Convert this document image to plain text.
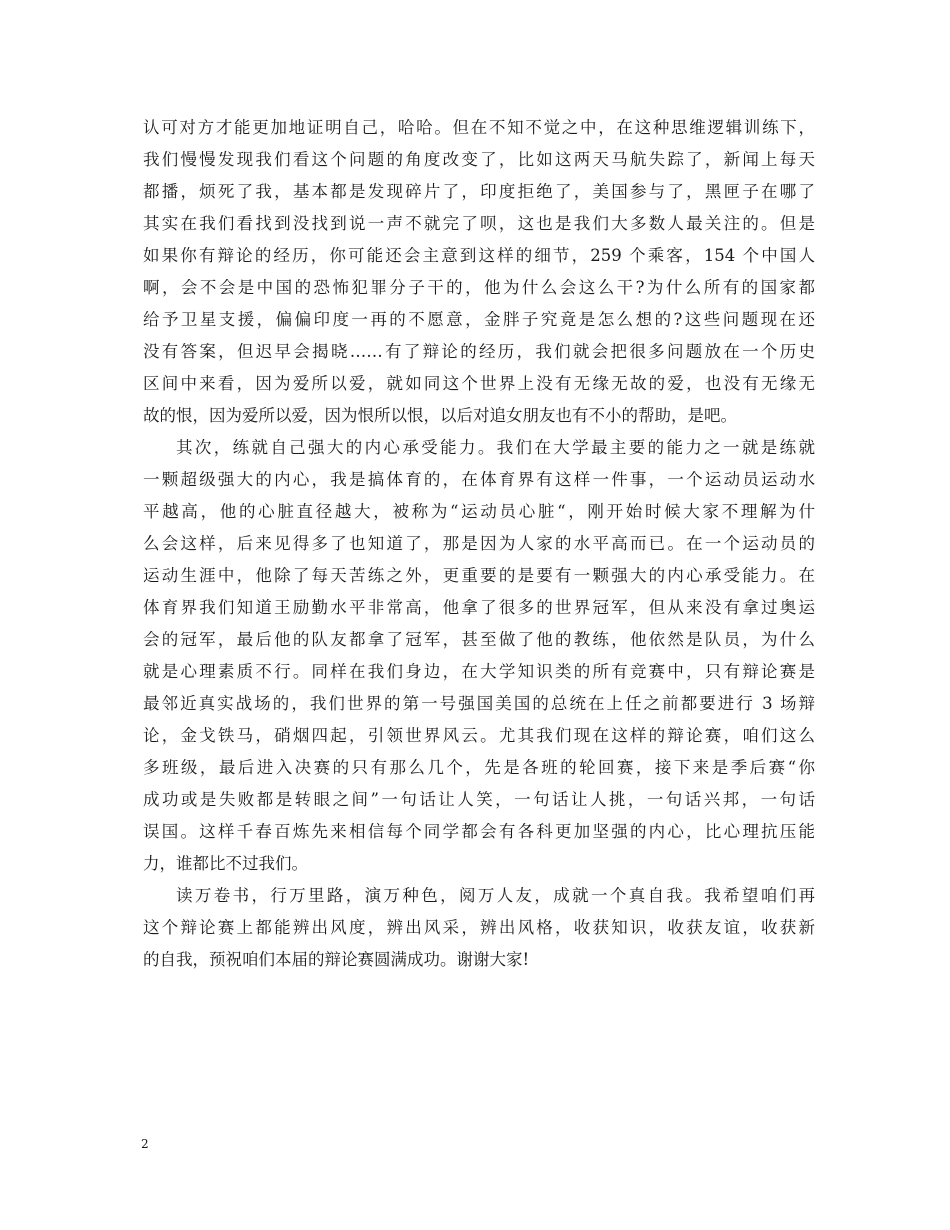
认可对方才能更加地证明自己，哈哈。但在不知不觉之中，在这种思维逻辑训练下，
我们慢慢发现我们看这个问题的角度改变了，比如这两天马航失踪了，新闻上每天
都播，烦死了我，基本都是发现碎片了，印度拒绝了，美国参与了，黑匣子在哪了
其实在我们看找到没找到说一声不就完了呗，这也是我们大多数人最关注的。但是
如果你有辩论的经历，你可能还会主意到这样的细节，259 个乘客，154 个中国人
啊，会不会是中国的恐怖犯罪分子干的，他为什么会这么干?为什么所有的国家都
给予卫星支援，偏偏印度一再的不愿意，金胖子究竟是怎么想的?这些问题现在还
没有答案，但迟早会揭晓……有了辩论的经历，我们就会把很多问题放在一个历史
区间中来看，因为爱所以爱，就如同这个世界上没有无缘无故的爱，也没有无缘无
故的恨，因为爱所以爱，因为恨所以恨，以后对追女朋友也有不小的帮助，是吧。
其次，练就自己强大的内心承受能力。我们在大学最主要的能力之一就是练就
一颗超级强大的内心，我是搞体育的，在体育界有这样一件事，一个运动员运动水
平越高，他的心脏直径越大，被称为“运动员心脏“，刚开始时候大家不理解为什
么会这样，后来见得多了也知道了，那是因为人家的水平高而已。在一个运动员的
运动生涯中，他除了每天苦练之外，更重要的是要有一颗强大的内心承受能力。在
体育界我们知道王励勤水平非常高，他拿了很多的世界冠军，但从来没有拿过奥运
会的冠军，最后他的队友都拿了冠军，甚至做了他的教练，他依然是队员，为什么
就是心理素质不行。同样在我们身边，在大学知识类的所有竞赛中，只有辩论赛是
最邻近真实战场的，我们世界的第一号强国美国的总统在上任之前都要进行 3 场辩
论，金戈铁马，硝烟四起，引领世界风云。尤其我们现在这样的辩论赛，咱们这么
多班级，最后进入决赛的只有那么几个，先是各班的轮回赛，接下来是季后赛“你
成功或是失败都是转眼之间”一句话让人笑，一句话让人挑，一句话兴邦，一句话
误国。这样千春百炼先来相信每个同学都会有各科更加坚强的内心，比心理抗压能
力，谁都比不过我们。
读万卷书，行万里路，演万种色，阅万人友，成就一个真自我。我希望咱们再
这个辩论赛上都能辨出风度，辨出风采，辨出风格，收获知识，收获友谊，收获新
的自我，预祝咱们本届的辩论赛圆满成功。谢谢大家!
2
